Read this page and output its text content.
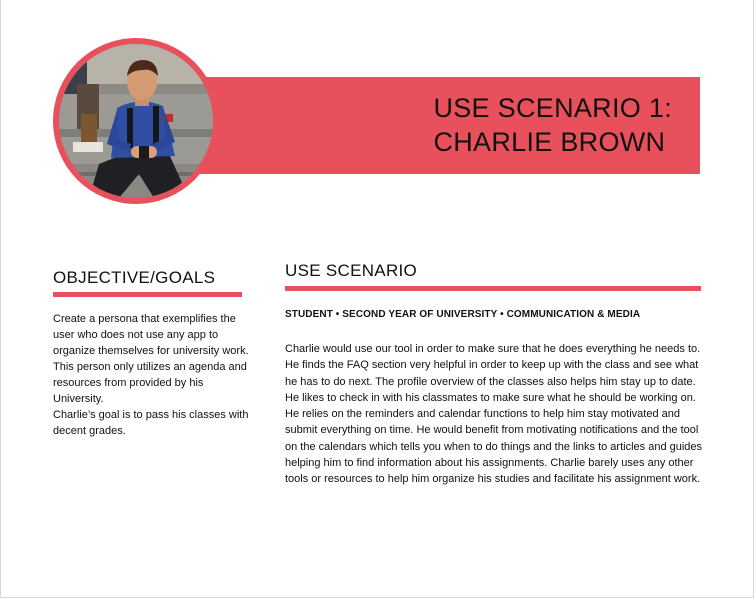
USE SCENARIO 1:
CHARLIE BROWN
OBJECTIVE/GOALS

Create a persona that exemplifies the user who does not use any app to organize themselves for university work. This person only utilizes an agenda and resources from provided by his University.

Charlie’s goal is to pass his classes with decent grades.

USE SCENARIO
STUDENT • SECOND YEAR OF UNIVERSITY • COMMUNICATION & MEDIA
Charlie would use our tool in order to make sure that he does everything he needs to. He finds the FAQ section very helpful in order to keep up with the class and see what he has to do next. The profile overview of the classes also helps him stay up to date. He likes to check in with his classmates to make sure what he should be working on. He relies on the reminders and calendar functions to help him stay motivated and submit everything on time. He would benefit from motivating notifications and the tool on the calendars which tells you when to do things and the links to articles and guides helping him to find information about his assignments. Charlie barely uses any other tools or resources to help him organize his studies and facilitate his assignment work.
